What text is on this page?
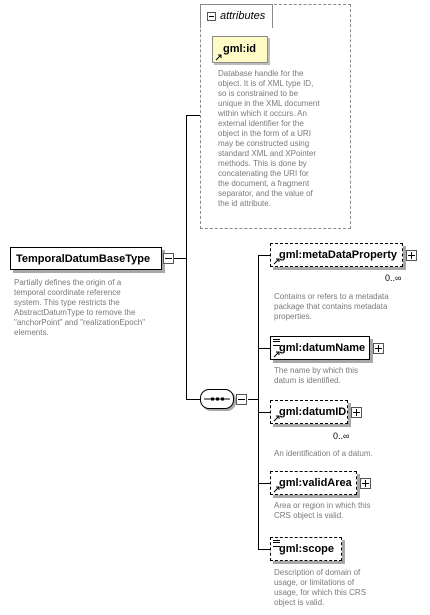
attributes
gml:id
Database handle for the
object. It is of XML type ID,
so is constrained to be
unique in the XML document
within which it occurs. An
external identifier for the
object in the form of a URI
may be constructed using
standard XML and XPointer
methods. This is done by
concatenating the URI for
the document, a fragment
separator, and the value of
the id attribute.
TemporalDatumBaseType
Partially defines the origin of a
temporal coordinate reference
system. This type restricts the
AbstractDatumType to remove the
"anchorPoint" and "realizationEpoch"
elements.
gml:metaDataProperty
0..∞
Contains or refers to a metadata
package that contains metadata
properties.
gml:datumName
The name by which this
datum is identified.
gml:datumID
0..∞
An identification of a datum.
gml:validArea
Area or region in which this
CRS object is valid.
gml:scope
Description of domain of
usage, or limitations of
usage, for which this CRS
object is valid.
